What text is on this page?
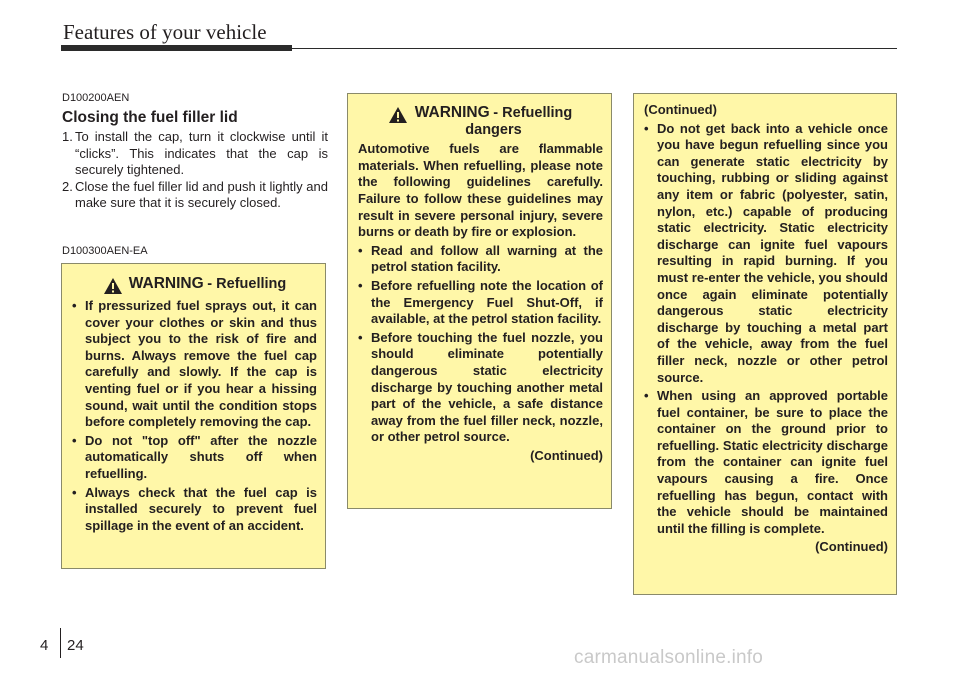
Features of your vehicle

D100200AEN

Closing the fuel filler lid
1. To install the cap, turn it clockwise until it “clicks”. This indicates that the cap is securely tightened.
2. Close the fuel filler lid and push it lightly and make sure that it is securely closed.
D100300AEN-EA
WARNING - Refuelling
• If pressurized fuel sprays out, it can cover your clothes or skin and thus subject you to the risk of fire and burns. Always remove the fuel cap carefully and slowly. If the cap is venting fuel or if you hear a hissing sound, wait until the condition stops before completely removing the cap.
• Do not "top off" after the nozzle automatically shuts off when refuelling.
• Always check that the fuel cap is installed securely to prevent fuel spillage in the event of an accident.
WARNING - Refuelling dangers

Automotive fuels are flammable materials. When refuelling, please note the following guidelines carefully. Failure to follow these guidelines may result in severe personal injury, severe burns or death by fire or explosion.

• Read and follow all warning at the petrol station facility.
• Before refuelling note the location of the Emergency Fuel Shut-Off, if available, at the petrol station facility.
• Before touching the fuel nozzle, you should eliminate potentially dangerous static electricity discharge by touching another metal part of the vehicle, a safe distance away from the fuel filler neck, nozzle, or other petrol source.
(Continued)
(Continued)
• Do not get back into a vehicle once you have begun refuelling since you can generate static electricity by touching, rubbing or sliding against any item or fabric (polyester, satin, nylon, etc.) capable of producing static electricity. Static electricity discharge can ignite fuel vapours resulting in rapid burning. If you must re-enter the vehicle, you should once again eliminate potentially dangerous static electricity discharge by touching a metal part of the vehicle, away from the fuel filler neck, nozzle or other petrol source.
• When using an approved portable fuel container, be sure to place the container on the ground prior to refuelling. Static electricity discharge from the container can ignite fuel vapours causing a fire. Once refuelling has begun, contact with the vehicle should be maintained until the filling is complete.
(Continued)
4 24
carmanualsonline.info
